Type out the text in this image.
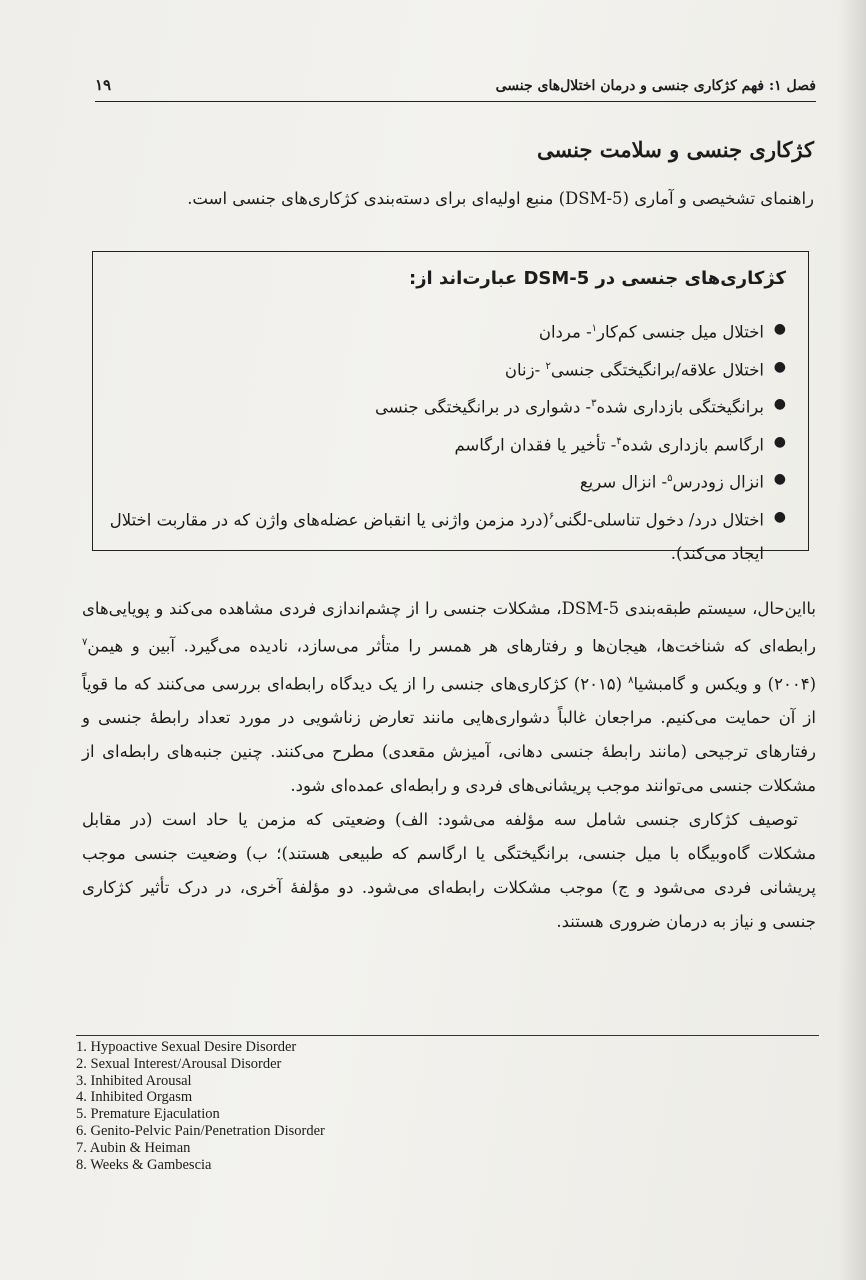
فصل ۱: فهم کژکاری جنسی و درمان اختلال‌های جنسی
۱۹
کژکاری جنسی و سلامت جنسی
راهنمای تشخیصی و آماری (DSM-5) منبع اولیه‌ای برای دسته‌بندی کژکاری‌های جنسی است.
کژکاری‌های جنسی در DSM-5 عبارت‌اند از:
●
اختلال میل جنسی کم‌کار$^۱$- مردان
●
اختلال علاقه/برانگیختگی جنسی$^۲$ -زنان
●
برانگیختگی بازداری شده$^۳$- دشواری در برانگیختگی جنسی
●
ارگاسم بازداری شده$^۴$- تأخیر یا فقدان ارگاسم
●
انزال زودرس$^۵$- انزال سریع
●
اختلال درد/ دخول تناسلی-لگنی$^۶$(درد مزمن واژنی یا انقباض عضله‌های واژن که در مقاربت اختلال ایجاد می‌کند).

بااین‌حال، سیستم طبقه‌بندی DSM-5، مشکلات جنسی را از چشم‌اندازی فردی مشاهده می‌کند و پویایی‌های رابطه‌ای که شناخت‌ها، هیجان‌ها و رفتارهای هر همسر را متأثر می‌سازد، نادیده می‌گیرد. آبین و هیمن$^۷$ (۲۰۰۴) و ویکس و گامبشیا$^۸$ (۲۰۱۵) کژکاری‌های جنسی را از یک دیدگاه رابطه‌ای بررسی می‌کنند که ما قویاً از آن حمایت می‌کنیم. مراجعان غالباً دشواری‌هایی مانند تعارض زناشویی در مورد تعداد رابطهٔ جنسی و رفتارهای ترجیحی (مانند رابطهٔ جنسی دهانی، آمیزش مقعدی) مطرح می‌کنند. چنین جنبه‌های رابطه‌ای از مشکلات جنسی می‌توانند موجب پریشانی‌های فردی و رابطه‌ای عمده‌ای شود.

توصیف کژکاری جنسی شامل سه مؤلفه می‌شود: الف) وضعیتی که مزمن یا حاد است (در مقابل مشکلات گاه‌وبیگاه با میل جنسی، برانگیختگی یا ارگاسم که طبیعی هستند)؛ ب) وضعیت جنسی موجب پریشانی فردی می‌شود و ج) موجب مشکلات رابطه‌ای می‌شود. دو مؤلفهٔ آخری، در درک تأثیر کژکاری جنسی و نیاز به درمان ضروری هستند.

1. Hypoactive Sexual Desire Disorder
2. Sexual Interest/Arousal Disorder
3. Inhibited Arousal
4. Inhibited Orgasm
5. Premature Ejaculation
6. Genito-Pelvic Pain/Penetration Disorder
7. Aubin & Heiman
8. Weeks & Gambescia
